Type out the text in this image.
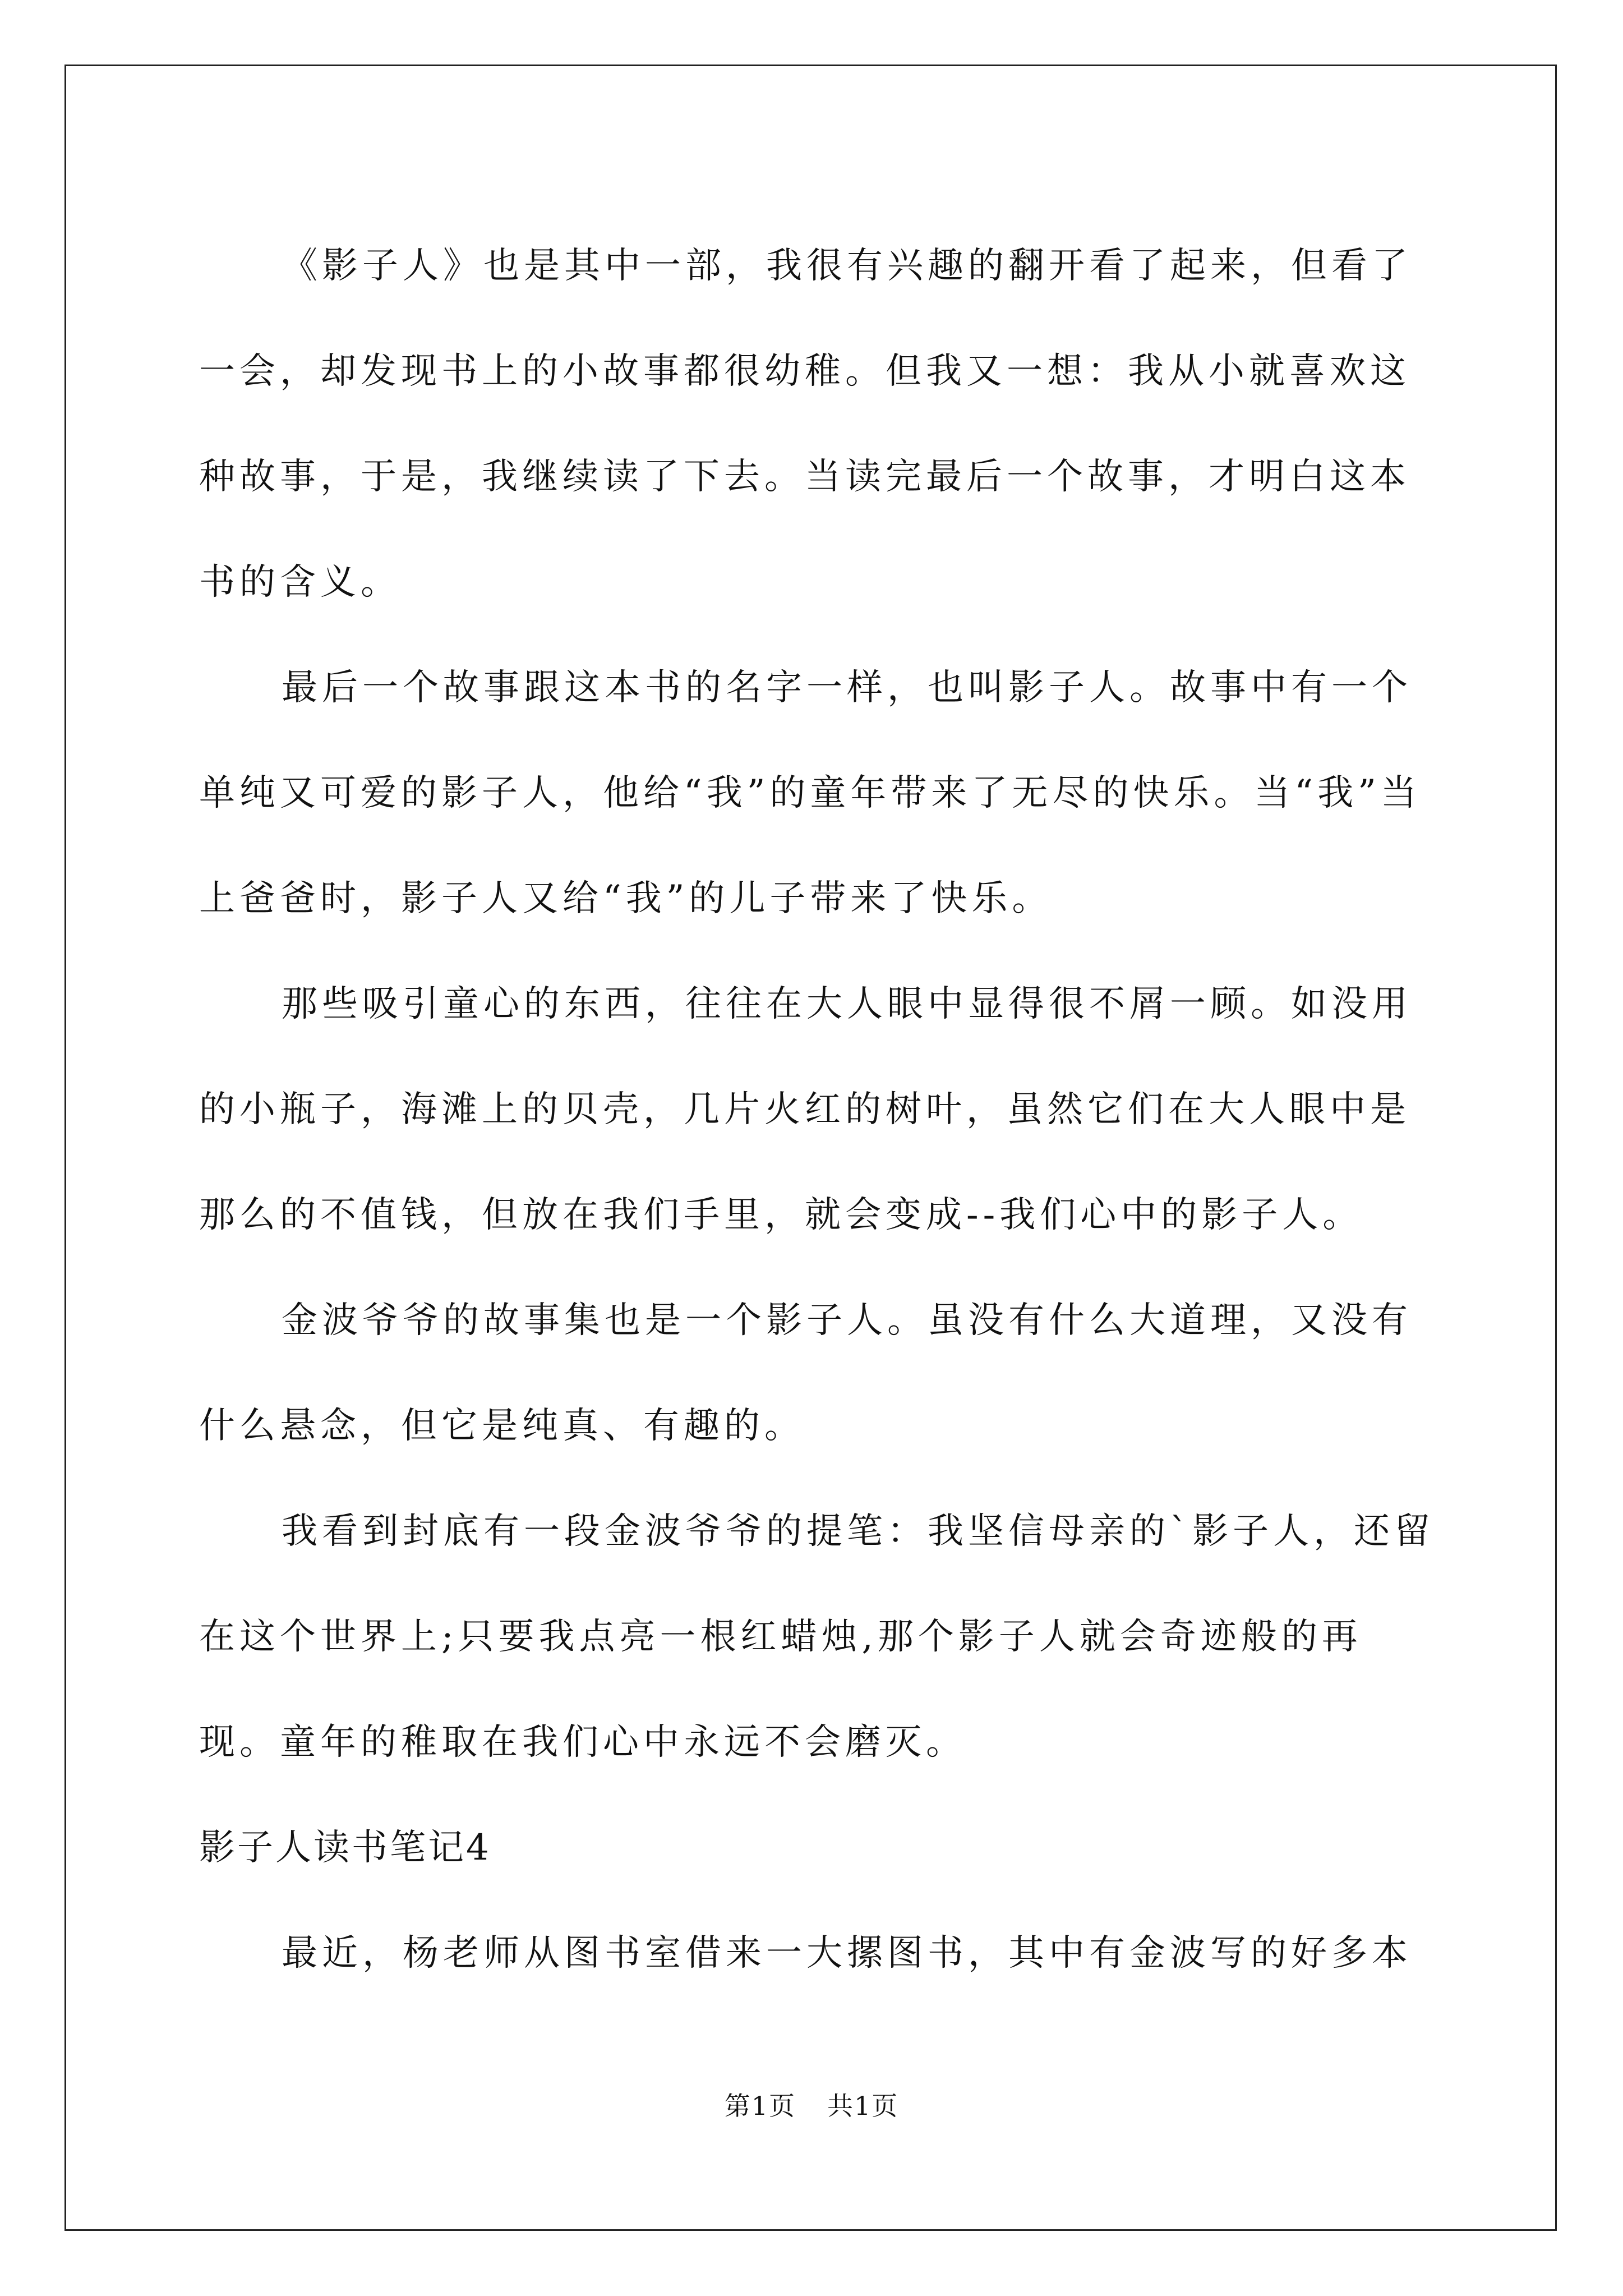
《影子人》也是其中一部，我很有兴趣的翻开看了起来，但看了一会，却发现书上的小故事都很幼稚。但我又一想：我从小就喜欢这种故事，于是，我继续读了下去。当读完最后一个故事，才明白这本书的含义。

最后一个故事跟这本书的名字一样，也叫影子人。故事中有一个单纯又可爱的影子人，他给“我”的童年带来了无尽的快乐。当“我”当上爸爸时，影子人又给“我”的儿子带来了快乐。

那些吸引童心的东西，往往在大人眼中显得很不屑一顾。如没用的小瓶子，海滩上的贝壳，几片火红的树叶，虽然它们在大人眼中是那么的不值钱，但放在我们手里，就会变成--我们心中的影子人。

金波爷爷的故事集也是一个影子人。虽没有什么大道理，又没有什么悬念，但它是纯真、有趣的。

我看到封底有一段金波爷爷的提笔：我坚信母亲的`影子人，还留在这个世界上;只要我点亮一根红蜡烛,那个影子人就会奇迹般的再现。童年的稚取在我们心中永远不会磨灭。

影子人读书笔记4

最近，杨老师从图书室借来一大摞图书，其中有金波写的好多本

第1页 共1页
